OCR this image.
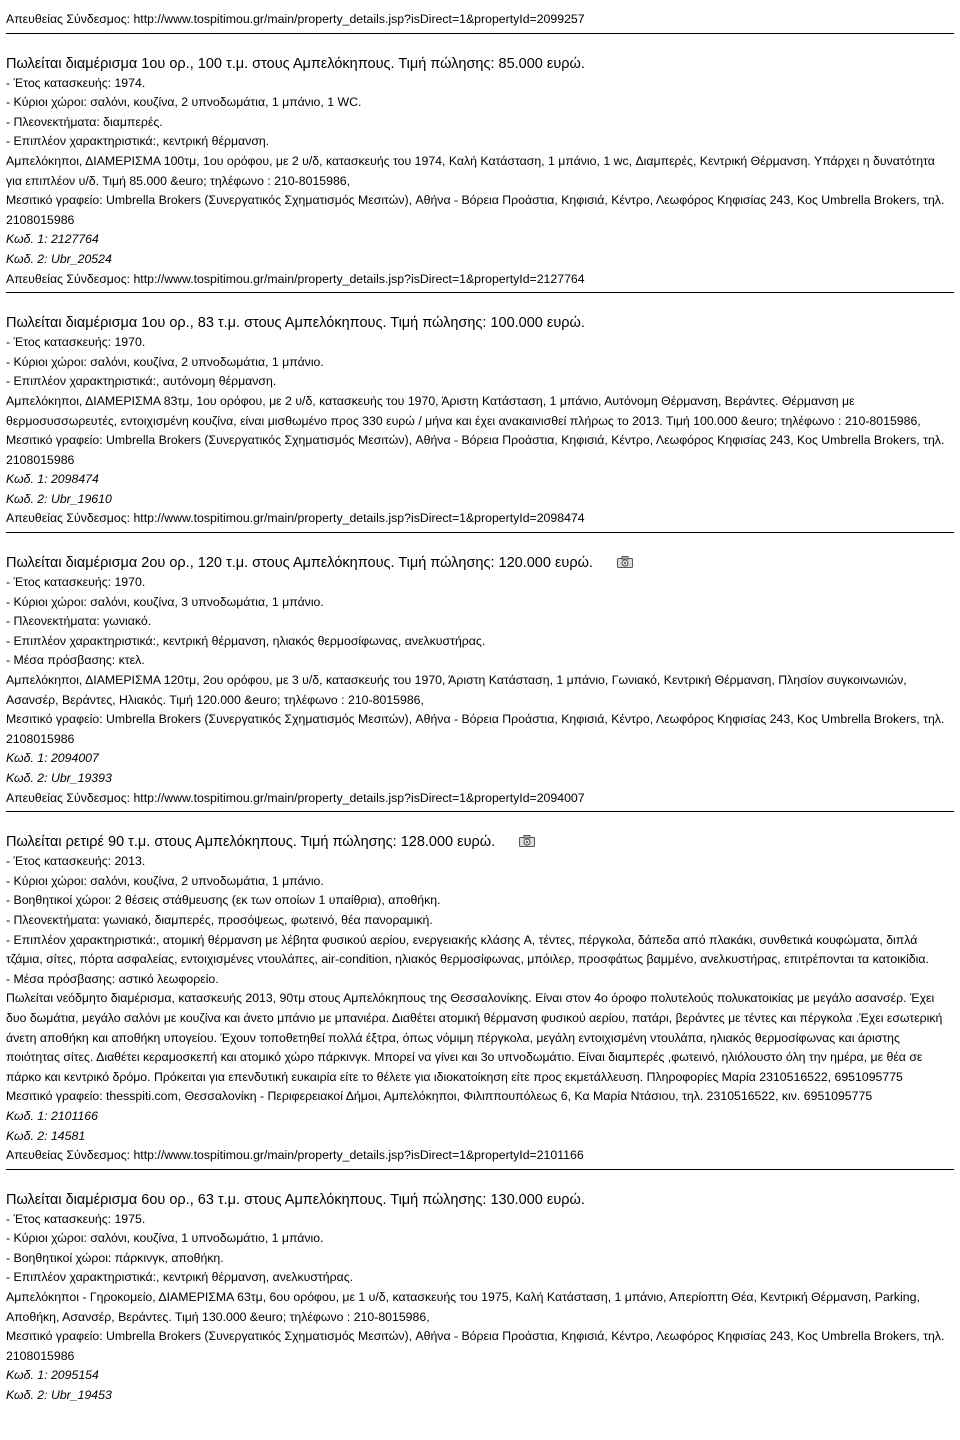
Απευθείας Σύνδεσμος: http://www.tospitimou.gr/main/property_details.jsp?isDirect=1&propertyId=2099257
Πωλείται διαμέρισμα 1ου ορ., 100 τ.μ. στους Αμπελόκηπους. Τιμή πώλησης: 85.000 ευρώ.
- Έτος κατασκευής: 1974.
- Κύριοι χώροι: σαλόνι, κουζίνα, 2 υπνοδωμάτια, 1 μπάνιο, 1 WC.
- Πλεονεκτήματα: διαμπερές.
- Επιπλέον χαρακτηριστικά:, κεντρική θέρμανση.
Αμπελόκηποι, ΔΙΑΜΕΡΙΣΜΑ 100τμ, 1ου ορόφου, με 2 υ/δ, κατασκευής του 1974, Καλή Κατάσταση, 1 μπάνιο, 1 wc, Διαμπερές, Κεντρική Θέρμανση. Υπάρχει η δυνατότητα για επιπλέον υ/δ. Τιμή 85.000 &euro; τηλέφωνο : 210-8015986,
Μεσιτικό γραφείο: Umbrella Brokers (Συνεργατικός Σχηματισμός Μεσιτών), Αθήνα - Βόρεια Προάστια, Κηφισιά, Κέντρο, Λεωφόρος Κηφισίας 243, Κος Umbrella Brokers, τηλ. 2108015986
Κωδ. 1: 2127764
Κωδ. 2: Ubr_20524
Απευθείας Σύνδεσμος: http://www.tospitimou.gr/main/property_details.jsp?isDirect=1&propertyId=2127764
Πωλείται διαμέρισμα 1ου ορ., 83 τ.μ. στους Αμπελόκηπους. Τιμή πώλησης: 100.000 ευρώ.
- Έτος κατασκευής: 1970.
- Κύριοι χώροι: σαλόνι, κουζίνα, 2 υπνοδωμάτια, 1 μπάνιο.
- Επιπλέον χαρακτηριστικά:, αυτόνομη θέρμανση.
Αμπελόκηποι, ΔΙΑΜΕΡΙΣΜΑ 83τμ, 1ου ορόφου, με 2 υ/δ, κατασκευής του 1970, Άριστη Κατάσταση, 1 μπάνιο, Αυτόνομη Θέρμανση, Βεράντες. Θέρμανση με θερμοσυσσωρευτές, εντοιχισμένη κουζίνα, είναι μισθωμένο προς 330 ευρώ / μήνα και έχει ανακαινισθεί πλήρως το 2013. Τιμή 100.000 &euro; τηλέφωνο : 210-8015986,
Μεσιτικό γραφείο: Umbrella Brokers (Συνεργατικός Σχηματισμός Μεσιτών), Αθήνα - Βόρεια Προάστια, Κηφισιά, Κέντρο, Λεωφόρος Κηφισίας 243, Κος Umbrella Brokers, τηλ. 2108015986
Κωδ. 1: 2098474
Κωδ. 2: Ubr_19610
Απευθείας Σύνδεσμος: http://www.tospitimou.gr/main/property_details.jsp?isDirect=1&propertyId=2098474
Πωλείται διαμέρισμα 2ου ορ., 120 τ.μ. στους Αμπελόκηπους. Τιμή πώλησης: 120.000 ευρώ.
- Έτος κατασκευής: 1970.
- Κύριοι χώροι: σαλόνι, κουζίνα, 3 υπνοδωμάτια, 1 μπάνιο.
- Πλεονεκτήματα: γωνιακό.
- Επιπλέον χαρακτηριστικά:, κεντρική θέρμανση, ηλιακός θερμοσίφωνας, ανελκυστήρας.
- Μέσα πρόσβασης: κτελ.
Αμπελόκηποι, ΔΙΑΜΕΡΙΣΜΑ 120τμ, 2ου ορόφου, με 3 υ/δ, κατασκευής του 1970, Άριστη Κατάσταση, 1 μπάνιο, Γωνιακό, Κεντρική Θέρμανση, Πλησίον συγκοινωνιών, Ασανσέρ, Βεράντες, Ηλιακός. Τιμή 120.000 &euro; τηλέφωνο : 210-8015986,
Μεσιτικό γραφείο: Umbrella Brokers (Συνεργατικός Σχηματισμός Μεσιτών), Αθήνα - Βόρεια Προάστια, Κηφισιά, Κέντρο, Λεωφόρος Κηφισίας 243, Κος Umbrella Brokers, τηλ. 2108015986
Κωδ. 1: 2094007
Κωδ. 2: Ubr_19393
Απευθείας Σύνδεσμος: http://www.tospitimou.gr/main/property_details.jsp?isDirect=1&propertyId=2094007
Πωλείται ρετιρέ 90 τ.μ. στους Αμπελόκηπους. Τιμή πώλησης: 128.000 ευρώ.
- Έτος κατασκευής: 2013.
- Κύριοι χώροι: σαλόνι, κουζίνα, 2 υπνοδωμάτια, 1 μπάνιο.
- Βοηθητικοί χώροι: 2 θέσεις στάθμευσης (εκ των οποίων 1 υπαίθρια), αποθήκη.
- Πλεονεκτήματα: γωνιακό, διαμπερές, προσόψεως, φωτεινό, θέα πανοραμική.
- Επιπλέον χαρακτηριστικά:, ατομική θέρμανση με λέβητα φυσικού αερίου, ενεργειακής κλάσης A, τέντες, πέργκολα, δάπεδα από πλακάκι, συνθετικά κουφώματα, διπλά τζάμια, σίτες, πόρτα ασφαλείας, εντοιχισμένες ντουλάπες, air-condition, ηλιακός θερμοσίφωνας, μπόιλερ, προσφάτως βαμμένο, ανελκυστήρας, επιτρέπονται τα κατοικίδια.
- Μέσα πρόσβασης: αστικό λεωφορείο.
Πωλείται νεόδμητο διαμέρισμα, κατασκευής 2013, 90τμ στους Αμπελόκηπους της Θεσσαλονίκης. Είναι στον 4ο όροφο πολυτελούς πολυκατοικίας με μεγάλο ασανσέρ. Έχει δυο δωμάτια, μεγάλο σαλόνι με κουζίνα και άνετο μπάνιο με μπανιέρα. Διαθέτει ατομική θέρμανση φυσικού αερίου, πατάρι, βεράντες με τέντες και πέργκολα .Έχει εσωτερική άνετη αποθήκη και αποθήκη υπογείου. Έχουν τοποθετηθεί πολλά έξτρα, όπως νόμιμη πέργκολα, μεγάλη εντοιχισμένη ντουλάπα, ηλιακός θερμοσίφωνας και άριστης ποιότητας σίτες. Διαθέτει κεραμοσκεπή και ατομικό χώρο πάρκινγκ. Μπορεί να γίνει και 3ο υπνοδωμάτιο. Είναι διαμπερές ,φωτεινό, ηλιόλουστο όλη την ημέρα, με θέα σε πάρκο και κεντρικό δρόμο. Πρόκειται για επενδυτική ευκαιρία είτε το θέλετε για ιδιοκατοίκηση είτε προς εκμετάλλευση. Πληροφορίες Μαρία 2310516522, 6951095775
Μεσιτικό γραφείο: thesspiti.com, Θεσσαλονίκη - Περιφερειακοί Δήμοι, Αμπελόκηποι, Φιλιππουπόλεως 6, Κα Μαρία Ντάσιου, τηλ. 2310516522, κιν. 6951095775
Κωδ. 1: 2101166
Κωδ. 2: 14581
Απευθείας Σύνδεσμος: http://www.tospitimou.gr/main/property_details.jsp?isDirect=1&propertyId=2101166
Πωλείται διαμέρισμα 6ου ορ., 63 τ.μ. στους Αμπελόκηπους. Τιμή πώλησης: 130.000 ευρώ.
- Έτος κατασκευής: 1975.
- Κύριοι χώροι: σαλόνι, κουζίνα, 1 υπνοδωμάτιο, 1 μπάνιο.
- Βοηθητικοί χώροι: πάρκινγκ, αποθήκη.
- Επιπλέον χαρακτηριστικά:, κεντρική θέρμανση, ανελκυστήρας.
Αμπελόκηποι - Γηροκομείο, ΔΙΑΜΕΡΙΣΜΑ 63τμ, 6ου ορόφου, με 1 υ/δ, κατασκευής του 1975, Καλή Κατάσταση, 1 μπάνιο, Απερίοπτη Θέα, Κεντρική Θέρμανση, Parking, Αποθήκη, Ασανσέρ, Βεράντες. Τιμή 130.000 &euro; τηλέφωνο : 210-8015986,
Μεσιτικό γραφείο: Umbrella Brokers (Συνεργατικός Σχηματισμός Μεσιτών), Αθήνα - Βόρεια Προάστια, Κηφισιά, Κέντρο, Λεωφόρος Κηφισίας 243, Κος Umbrella Brokers, τηλ. 2108015986
Κωδ. 1: 2095154
Κωδ. 2: Ubr_19453
